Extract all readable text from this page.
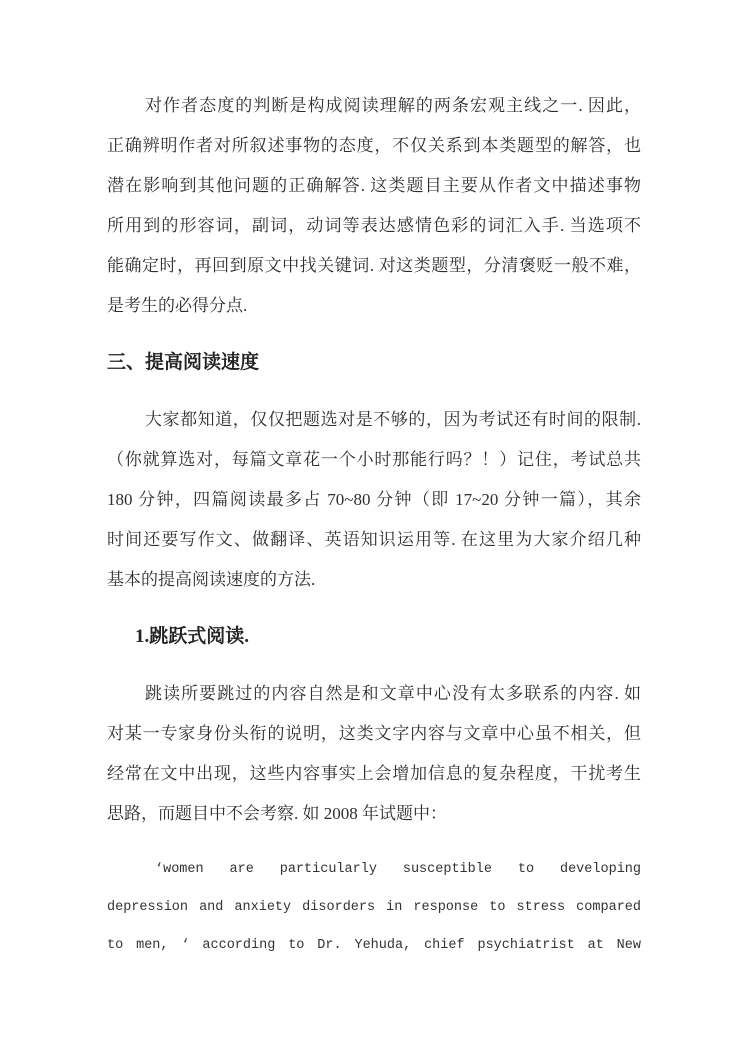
对作者态度的判断是构成阅读理解的两条宏观主线之一. 因此，
正确辨明作者对所叙述事物的态度，不仅关系到本类题型的解答，也
潜在影响到其他问题的正确解答. 这类题目主要从作者文中描述事物
所用到的形容词，副词，动词等表达感情色彩的词汇入手. 当选项不
能确定时，再回到原文中找关键词. 对这类题型，分清褒贬一般不难，
是考生的必得分点.
三、提高阅读速度
大家都知道，仅仅把题选对是不够的，因为考试还有时间的限制.
（你就算选对，每篇文章花一个小时那能行吗？！）记住，考试总共
180 分钟，四篇阅读最多占 70~80 分钟（即 17~20 分钟一篇），其余
时间还要写作文、做翻译、英语知识运用等. 在这里为大家介绍几种
基本的提高阅读速度的方法.
1.跳跃式阅读.
跳读所要跳过的内容自然是和文章中心没有太多联系的内容. 如
对某一专家身份头衔的说明，这类文字内容与文章中心虽不相关，但
经常在文中出现，这些内容事实上会增加信息的复杂程度，干扰考生
思路，而题目中不会考察. 如 2008 年试题中：
‘women are particularly susceptible to developing
depression and anxiety disorders in response to stress compared
to men, ‘ according to Dr. Yehuda, chief psychiatrist at New
